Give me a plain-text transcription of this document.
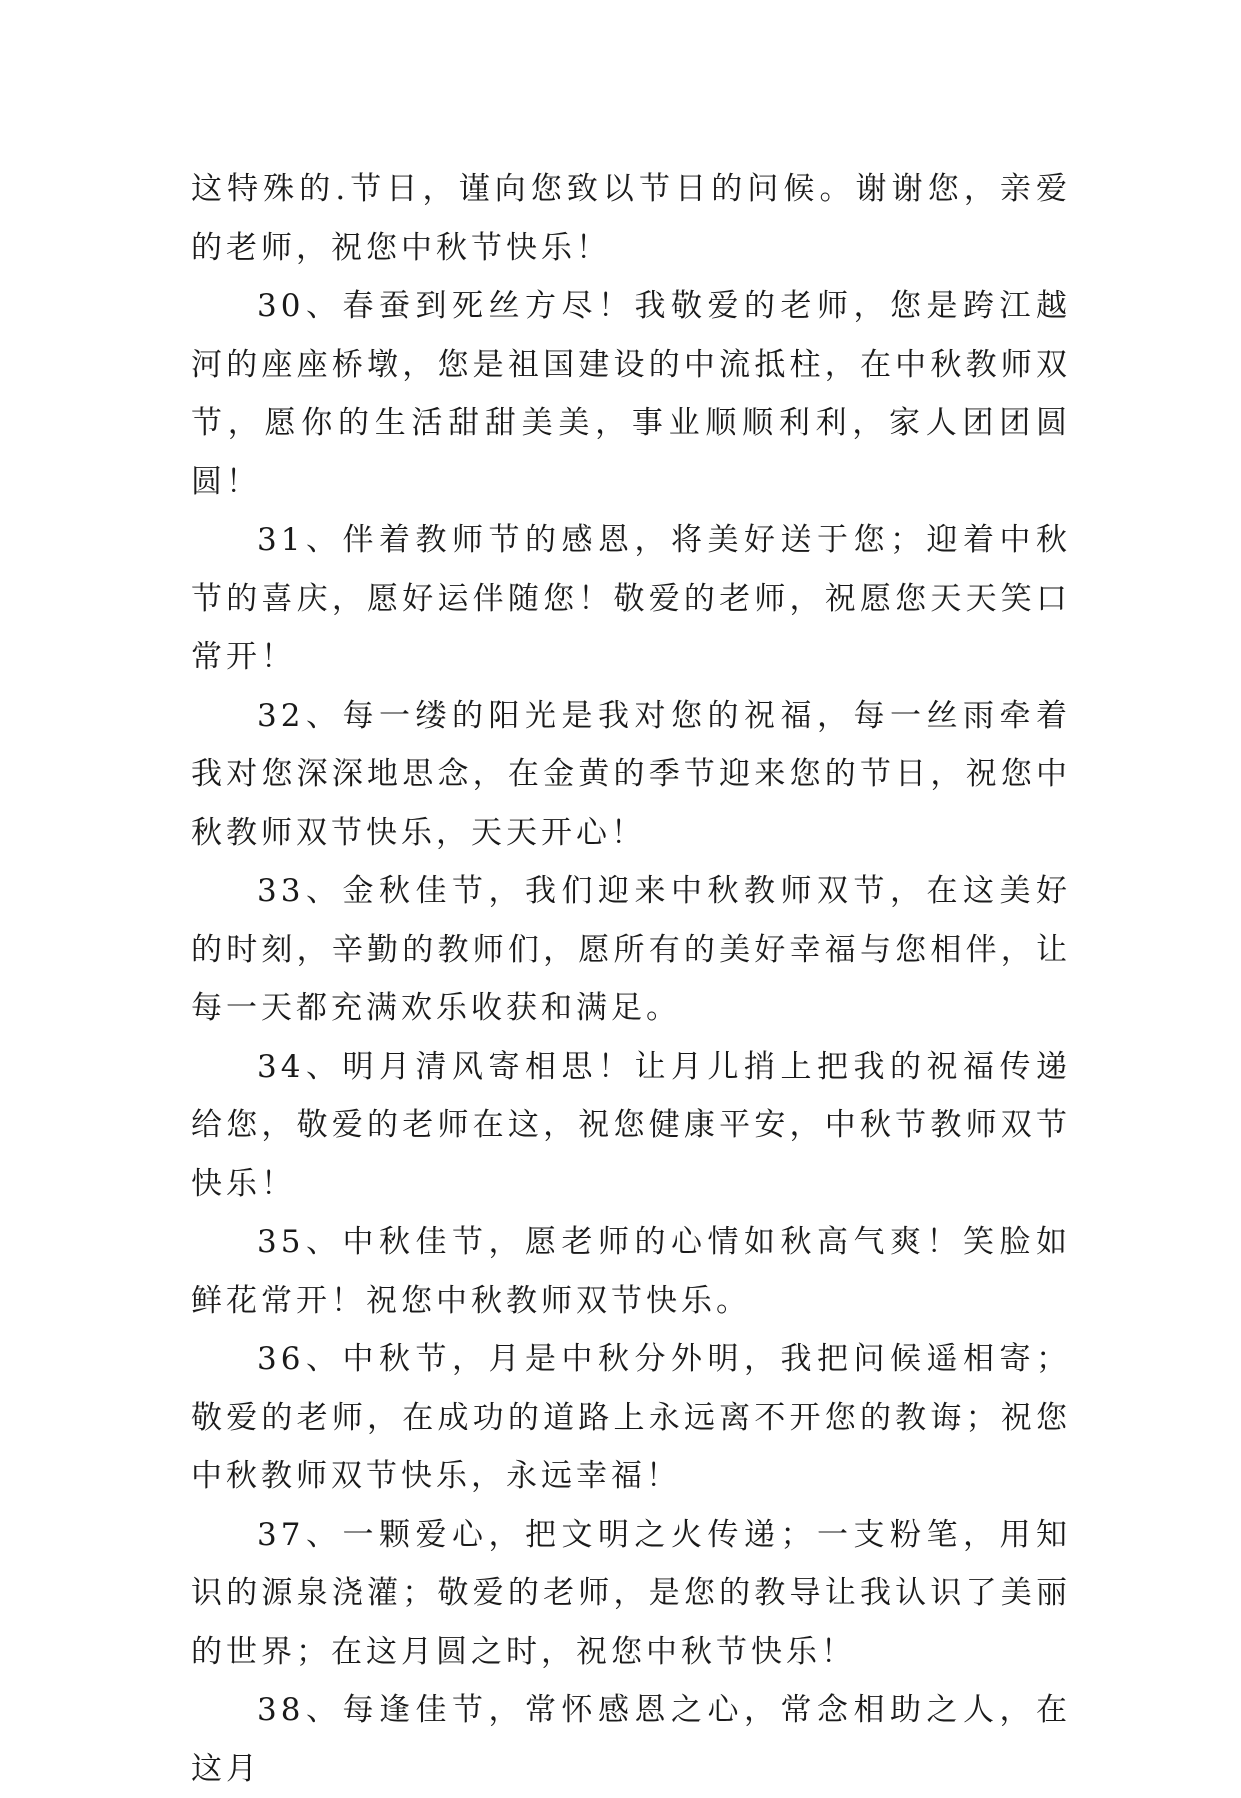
这特殊的.节日，谨向您致以节日的问候。谢谢您，亲爱的老师，祝您中秋节快乐！

30、春蚕到死丝方尽！我敬爱的老师，您是跨江越河的座座桥墩，您是祖国建设的中流抵柱，在中秋教师双节，愿你的生活甜甜美美，事业顺顺利利，家人团团圆圆！

31、伴着教师节的感恩，将美好送于您；迎着中秋节的喜庆，愿好运伴随您！敬爱的老师，祝愿您天天笑口常开！

32、每一缕的阳光是我对您的祝福，每一丝雨牵着我对您深深地思念，在金黄的季节迎来您的节日，祝您中秋教师双节快乐，天天开心！

33、金秋佳节，我们迎来中秋教师双节，在这美好的时刻，辛勤的教师们，愿所有的美好幸福与您相伴，让每一天都充满欢乐收获和满足。

34、明月清风寄相思！让月儿捎上把我的祝福传递给您，敬爱的老师在这，祝您健康平安，中秋节教师双节快乐！

35、中秋佳节，愿老师的心情如秋高气爽！笑脸如鲜花常开！祝您中秋教师双节快乐。

36、中秋节，月是中秋分外明，我把问候遥相寄；敬爱的老师，在成功的道路上永远离不开您的教诲；祝您中秋教师双节快乐，永远幸福！

37、一颗爱心，把文明之火传递；一支粉笔，用知识的源泉浇灌；敬爱的老师，是您的教导让我认识了美丽的世界；在这月圆之时，祝您中秋节快乐！

38、每逢佳节，常怀感恩之心，常念相助之人，在这月
